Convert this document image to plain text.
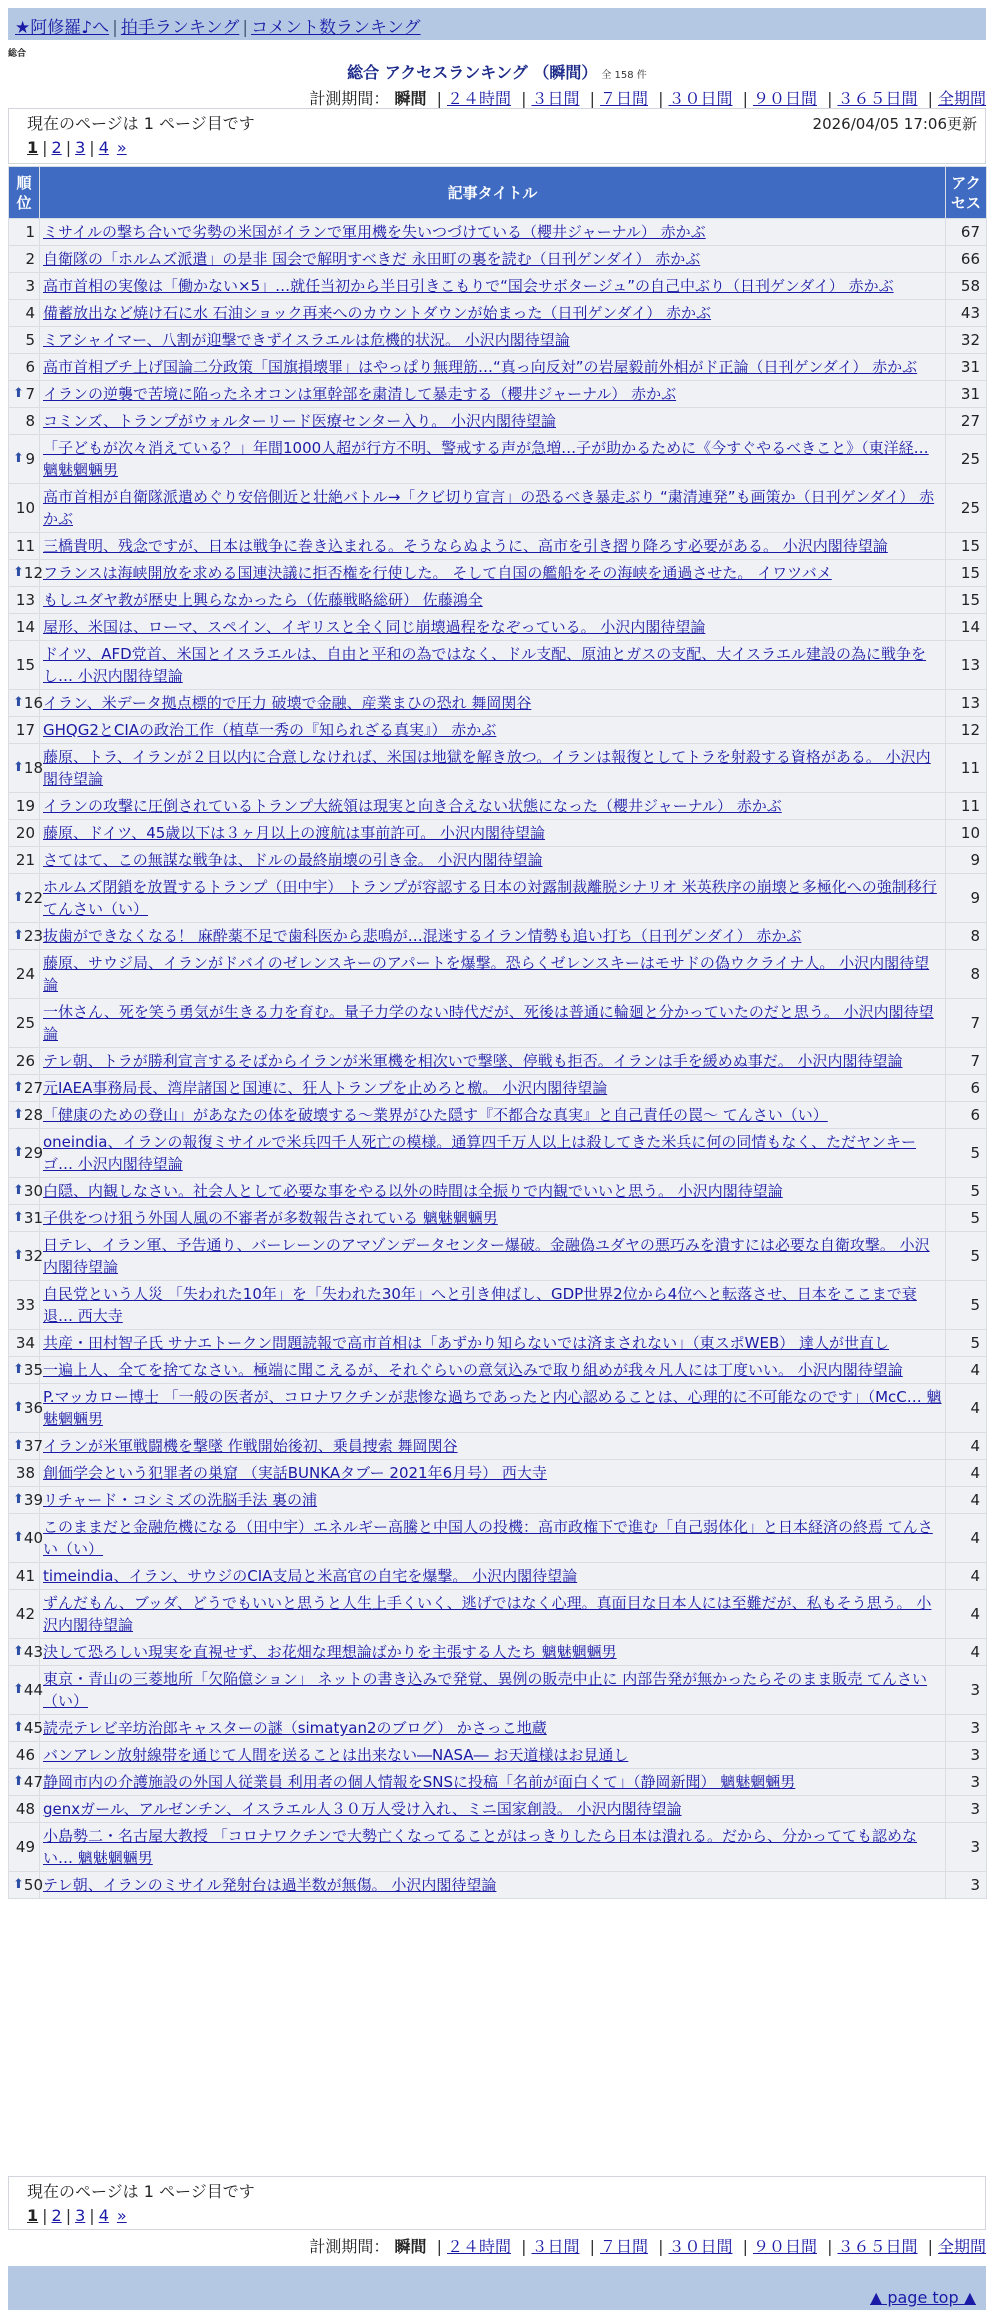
★阿修羅♪へ | 拍手ランキング | コメント数ランキング
総合
総合 アクセスランキング （瞬間） 全 158 件
計測期間： 瞬間 | ２４時間 | ３日間 | ７日間 | ３０日間 | ９０日間 | ３６５日間 | 全期間
現在のページは 1 ページ目です	2026/04/05 17:06更新
1 | 2 | 3 | 4 »
順位	記事タイトル	アクセス
1	ミサイルの撃ち合いで劣勢の米国がイランで軍用機を失いつづけている（櫻井ジャーナル） 赤かぶ	67
2	自衛隊の「ホルムズ派遣」の是非 国会で解明すべきだ 永田町の裏を読む（日刊ゲンダイ） 赤かぶ	66
3	高市首相の実像は「働かない×5」…就任当初から半日引きこもりで“国会サボタージュ”の自己中ぶり（日刊ゲンダイ） 赤かぶ	58
4	備蓄放出など焼け石に水 石油ショック再来へのカウントダウンが始まった（日刊ゲンダイ） 赤かぶ	43
5	ミアシャイマー、八割が迎撃できずイスラエルは危機的状況。 小沢内閣待望論	32
6	高市首相ブチ上げ国論二分政策「国旗損壊罪」はやっぱり無理筋…“真っ向反対”の岩屋毅前外相がド正論（日刊ゲンダイ） 赤かぶ	31

⬆ 7	イランの逆襲で苦境に陥ったネオコンは軍幹部を粛清して暴走する（櫻井ジャーナル） 赤かぶ	31
8	コミンズ、トランプがウォルターリード医療センター入り。 小沢内閣待望論	27

⬆ 9	「子どもが次々消えている？」年間1000人超が行方不明、警戒する声が急増…子が助かるために《今すぐやるべきこと》（東洋経… 魑魅魍魎男	25
10	高市首相が自衛隊派遣めぐり安倍側近と壮絶バトル→「クビ切り宣言」の恐るべき暴走ぶり “粛清連発”も画策か（日刊ゲンダイ） 赤かぶ	25
11	三橋貴明、残念ですが、日本は戦争に巻き込まれる。そうならぬように、高市を引き摺り降ろす必要がある。 小沢内閣待望論	15

⬆ 12	フランスは海峡開放を求める国連決議に拒否権を行使した。 そして自国の艦船をその海峡を通過させた。 イワツバメ	15
13	もしユダヤ教が歴史上興らなかったら（佐藤戦略総研） 佐藤鴻全	15
14	屋形、米国は、ローマ、スペイン、イギリスと全く同じ崩壊過程をなぞっている。 小沢内閣待望論	14
15	ドイツ、AFD党首、米国とイスラエルは、自由と平和の為ではなく、ドル支配、原油とガスの支配、大イスラエル建設の為に戦争をし… 小沢内閣待望論	13

⬆ 16	イラン、米データ拠点標的で圧力 破壊で金融、産業まひの恐れ 舞岡関谷	13
17	GHQG2とCIAの政治工作（植草一秀の『知られざる真実』） 赤かぶ	12

⬆ 18	藤原、トラ、イランが２日以内に合意しなければ、米国は地獄を解き放つ。イランは報復としてトラを射殺する資格がある。 小沢内閣待望論	11
19	イランの攻撃に圧倒されているトランプ大統領は現実と向き合えない状態になった（櫻井ジャーナル） 赤かぶ	11
20	藤原、ドイツ、45歳以下は３ヶ月以上の渡航は事前許可。 小沢内閣待望論	10
21	さてはて、この無謀な戦争は、ドルの最終崩壊の引き金。 小沢内閣待望論	9

⬆ 22	ホルムズ閉鎖を放置するトランプ（田中宇） トランプが容認する日本の対露制裁離脱シナリオ 米英秩序の崩壊と多極化への強制移行 てんさい（い）	9

⬆ 23	抜歯ができなくなる！ 麻酔薬不足で歯科医から悲鳴が…混迷するイラン情勢も追い打ち（日刊ゲンダイ） 赤かぶ	8
24	藤原、サウジ局、イランがドバイのゼレンスキーのアパートを爆撃。恐らくゼレンスキーはモサドの偽ウクライナ人。 小沢内閣待望論	8
25	一休さん、死を笑う勇気が生きる力を育む。量子力学のない時代だが、死後は普通に輪廻と分かっていたのだと思う。 小沢内閣待望論	7
26	テレ朝、トラが勝利宣言するそばからイランが米軍機を相次いで撃墜、停戦も拒否。イランは手を緩めぬ事だ。 小沢内閣待望論	7

⬆ 27	元IAEA事務局長、湾岸諸国と国連に、狂人トランプを止めろと檄。 小沢内閣待望論	6

⬆ 28	「健康のための登山」があなたの体を破壊する〜業界がひた隠す『不都合な真実』と自己責任の罠〜 てんさい（い）	6

⬆ 29	oneindia、イランの報復ミサイルで米兵四千人死亡の模様。通算四千万人以上は殺してきた米兵に何の同情もなく、ただヤンキーゴ… 小沢内閣待望論	5

⬆ 30	白隠、内観しなさい。社会人として必要な事をやる以外の時間は全振りで内観でいいと思う。 小沢内閣待望論	5

⬆ 31	子供をつけ狙う外国人風の不審者が多数報告されている 魑魅魍魎男	5

⬆ 32	日テレ、イラン軍、予告通り、バーレーンのアマゾンデータセンター爆破。金融偽ユダヤの悪巧みを潰すには必要な自衛攻撃。 小沢内閣待望論	5
33	自民党という人災 「失われた10年」を「失われた30年」へと引き伸ばし、GDP世界2位から4位へと転落させ、日本をここまで衰退… 西大寺	5
34	共産・田村智子氏 サナエトークン問題読報で高市首相は「あずかり知らないでは済まされない」（東スポWEB） 達人が世直し	5

⬆ 35	一遍上人、全てを捨てなさい。極端に聞こえるが、それぐらいの意気込みで取り組めが我々凡人には丁度いい。 小沢内閣待望論	4

⬆ 36	P.マッカロー博士 「一般の医者が、コロナワクチンが悲惨な過ちであったと内心認めることは、心理的に不可能なのです」（McC… 魑魅魍魎男	4

⬆ 37	イランが米軍戦闘機を撃墜 作戦開始後初、乗員捜索 舞岡関谷	4
38	創価学会という犯罪者の巣窟 （実話BUNKAタブー 2021年6月号） 西大寺	4

⬆ 39	リチャード・コシミズの洗脳手法 裏の浦	4

⬆ 40	このままだと金融危機になる（田中宇）エネルギー高騰と中国人の投機：高市政権下で進む「自己弱体化」と日本経済の終焉 てんさい（い）	4
41	timeindia、イラン、サウジのCIA支局と米高官の自宅を爆撃。 小沢内閣待望論	4
42	ずんだもん、ブッダ、どうでもいいと思うと人生上手くいく、逃げではなく心理。真面目な日本人には至難だが、私もそう思う。 小沢内閣待望論	4

⬆ 43	決して恐ろしい現実を直視せず、お花畑な理想論ばかりを主張する人たち 魑魅魍魎男	4

⬆ 44	東京・青山の三菱地所「欠陥億ション」 ネットの書き込みで発覚、異例の販売中止に 内部告発が無かったらそのまま販売 てんさい（い）	3

⬆ 45	読売テレビ辛坊治郎キャスターの謎（simatyan2のブログ） かさっこ地蔵	3
46	バンアレン放射線帯を通じて人間を送ることは出来ない―NASA― お天道様はお見通し	3

⬆ 47	静岡市内の介護施設の外国人従業員 利用者の個人情報をSNSに投稿「名前が面白くて」（静岡新聞） 魑魅魍魎男	3
48	genxガール、アルゼンチン、イスラエル人３０万人受け入れ、ミニ国家創設。 小沢内閣待望論	3
49	小島勢二・名古屋大教授 「コロナワクチンで大勢亡くなってることがはっきりしたら日本は潰れる。だから、分かってても認めない… 魑魅魍魎男	3

⬆ 50	テレ朝、イランのミサイル発射台は過半数が無傷。 小沢内閣待望論	3
現在のページは 1 ページ目です
1 | 2 | 3 | 4 »
計測期間： 瞬間 | ２４時間 | ３日間 | ７日間 | ３０日間 | ９０日間 | ３６５日間 | 全期間
▲ page top ▲
